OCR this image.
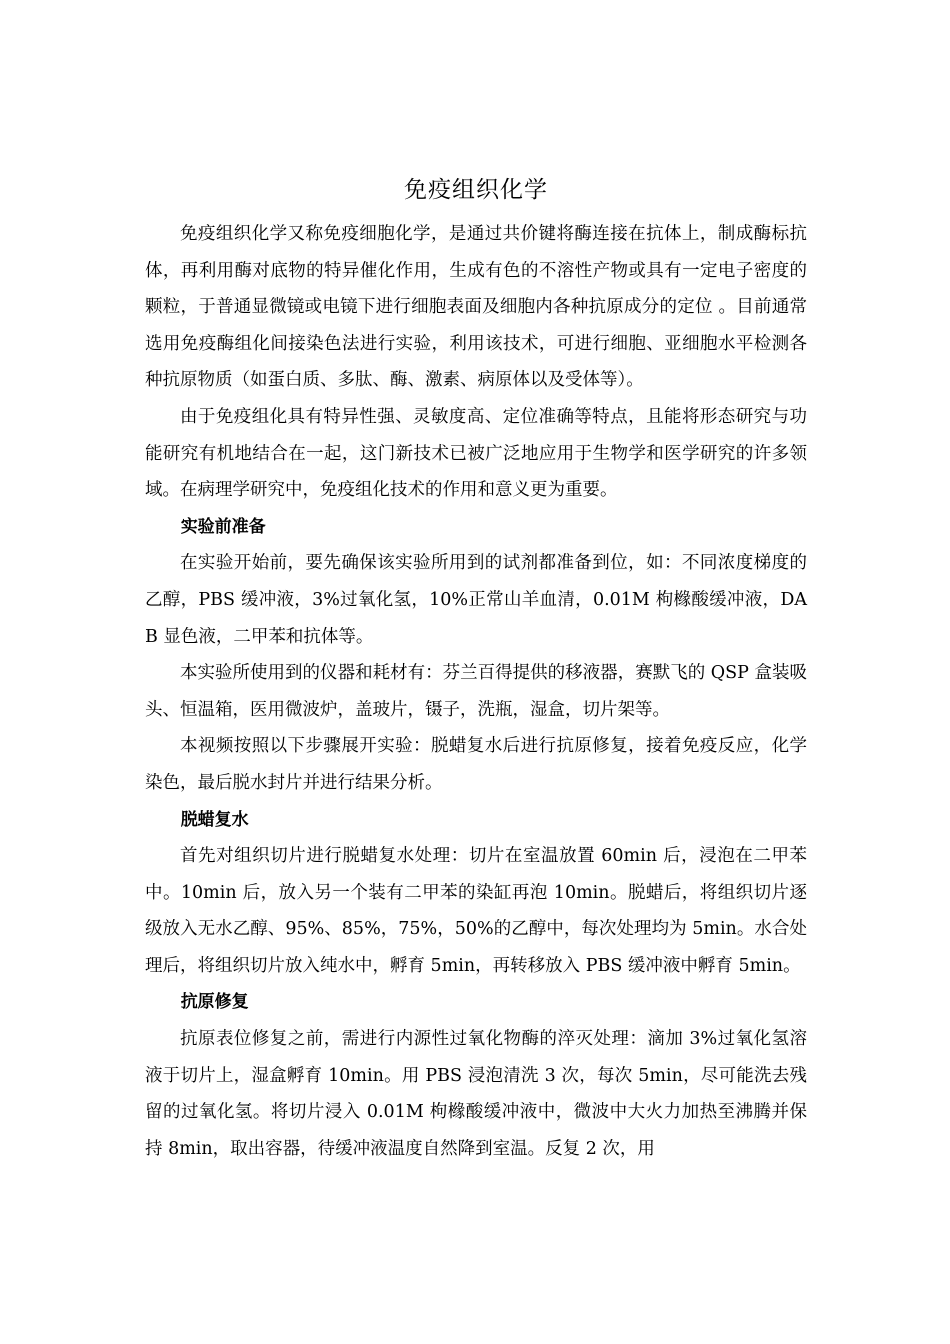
免疫组织化学

免疫组织化学又称免疫细胞化学，是通过共价键将酶连接在抗体上，制成酶标抗体，再利用酶对底物的特异催化作用，生成有色的不溶性产物或具有一定电子密度的颗粒，于普通显微镜或电镜下进行细胞表面及细胞内各种抗原成分的定位 。目前通常选用免疫酶组化间接染色法进行实验，利用该技术，可进行细胞、亚细胞水平检测各种抗原物质（如蛋白质、多肽、酶、激素、病原体以及受体等）。

由于免疫组化具有特异性强、灵敏度高、定位准确等特点，且能将形态研究与功能研究有机地结合在一起，这门新技术已被广泛地应用于生物学和医学研究的许多领域。在病理学研究中，免疫组化技术的作用和意义更为重要。

实验前准备

在实验开始前，要先确保该实验所用到的试剂都准备到位，如：不同浓度梯度的乙醇，PBS 缓冲液，3%过氧化氢，10%正常山羊血清，0.01M 枸橼酸缓冲液，DAB 显色液，二甲苯和抗体等。

本实验所使用到的仪器和耗材有：芬兰百得提供的移液器，赛默飞的 QSP 盒装吸头、恒温箱，医用微波炉，盖玻片，镊子，洗瓶，湿盒，切片架等。

本视频按照以下步骤展开实验：脱蜡复水后进行抗原修复，接着免疫反应，化学染色，最后脱水封片并进行结果分析。

脱蜡复水

首先对组织切片进行脱蜡复水处理：切片在室温放置 60min 后，浸泡在二甲苯中。10min 后，放入另一个装有二甲苯的染缸再泡 10min。脱蜡后，将组织切片逐级放入无水乙醇、95%、85%，75%，50%的乙醇中，每次处理均为 5min。水合处理后，将组织切片放入纯水中，孵育 5min，再转移放入 PBS 缓冲液中孵育 5min。

抗原修复

抗原表位修复之前，需进行内源性过氧化物酶的淬灭处理：滴加 3%过氧化氢溶液于切片上，湿盒孵育 10min。用 PBS 浸泡清洗 3 次，每次 5min，尽可能洗去残留的过氧化氢。将切片浸入 0.01M 枸橼酸缓冲液中，微波中大火力加热至沸腾并保持 8min，取出容器，待缓冲液温度自然降到室温。反复 2 次，用
